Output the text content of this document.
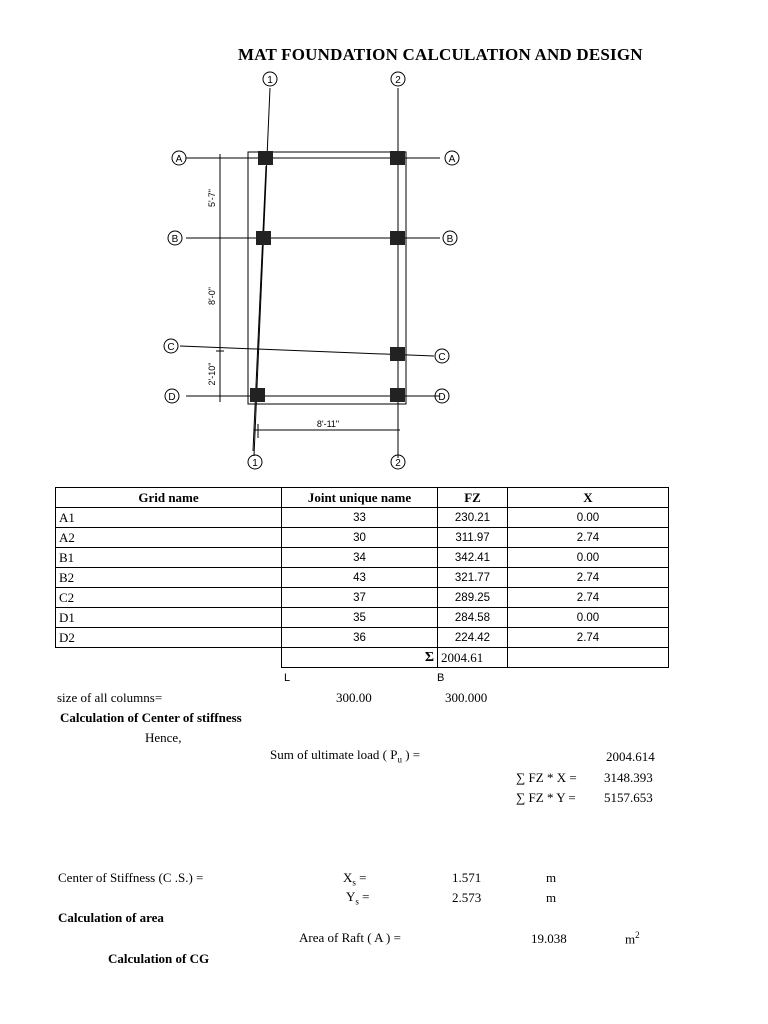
MAT FOUNDATION CALCULATION AND DESIGN
1	2
1	2
A	A
B	B
C
C
D	D
5'-7"
8'-0"
2'-10"
8'-11"
Grid name	Joint unique name	FZ	X
A1	33	230.21	0.00
A2	30	311.97	2.74
B1	34	342.41	0.00
B2	43	321.77	2.74
C2	37	289.25	2.74
D1	35	284.58	0.00
D2	36	224.42	2.74
	Σ	2004.61	
L	B
size of all columns=	300.00	300.000
Calculation of Center of stiffness
Hence,
Sum of ultimate load ( $P_u$ ) =	2004.614
∑ FZ * X = 3148.393
∑ FZ * Y = 5157.653
Center of Stiffness (C .S.) =	$X_s$ =	1.571	m
$Y_s$ =	2.573	m
Calculation of area
Area of Raft ( A ) =	19.038	$m^2$
Calculation of CG
